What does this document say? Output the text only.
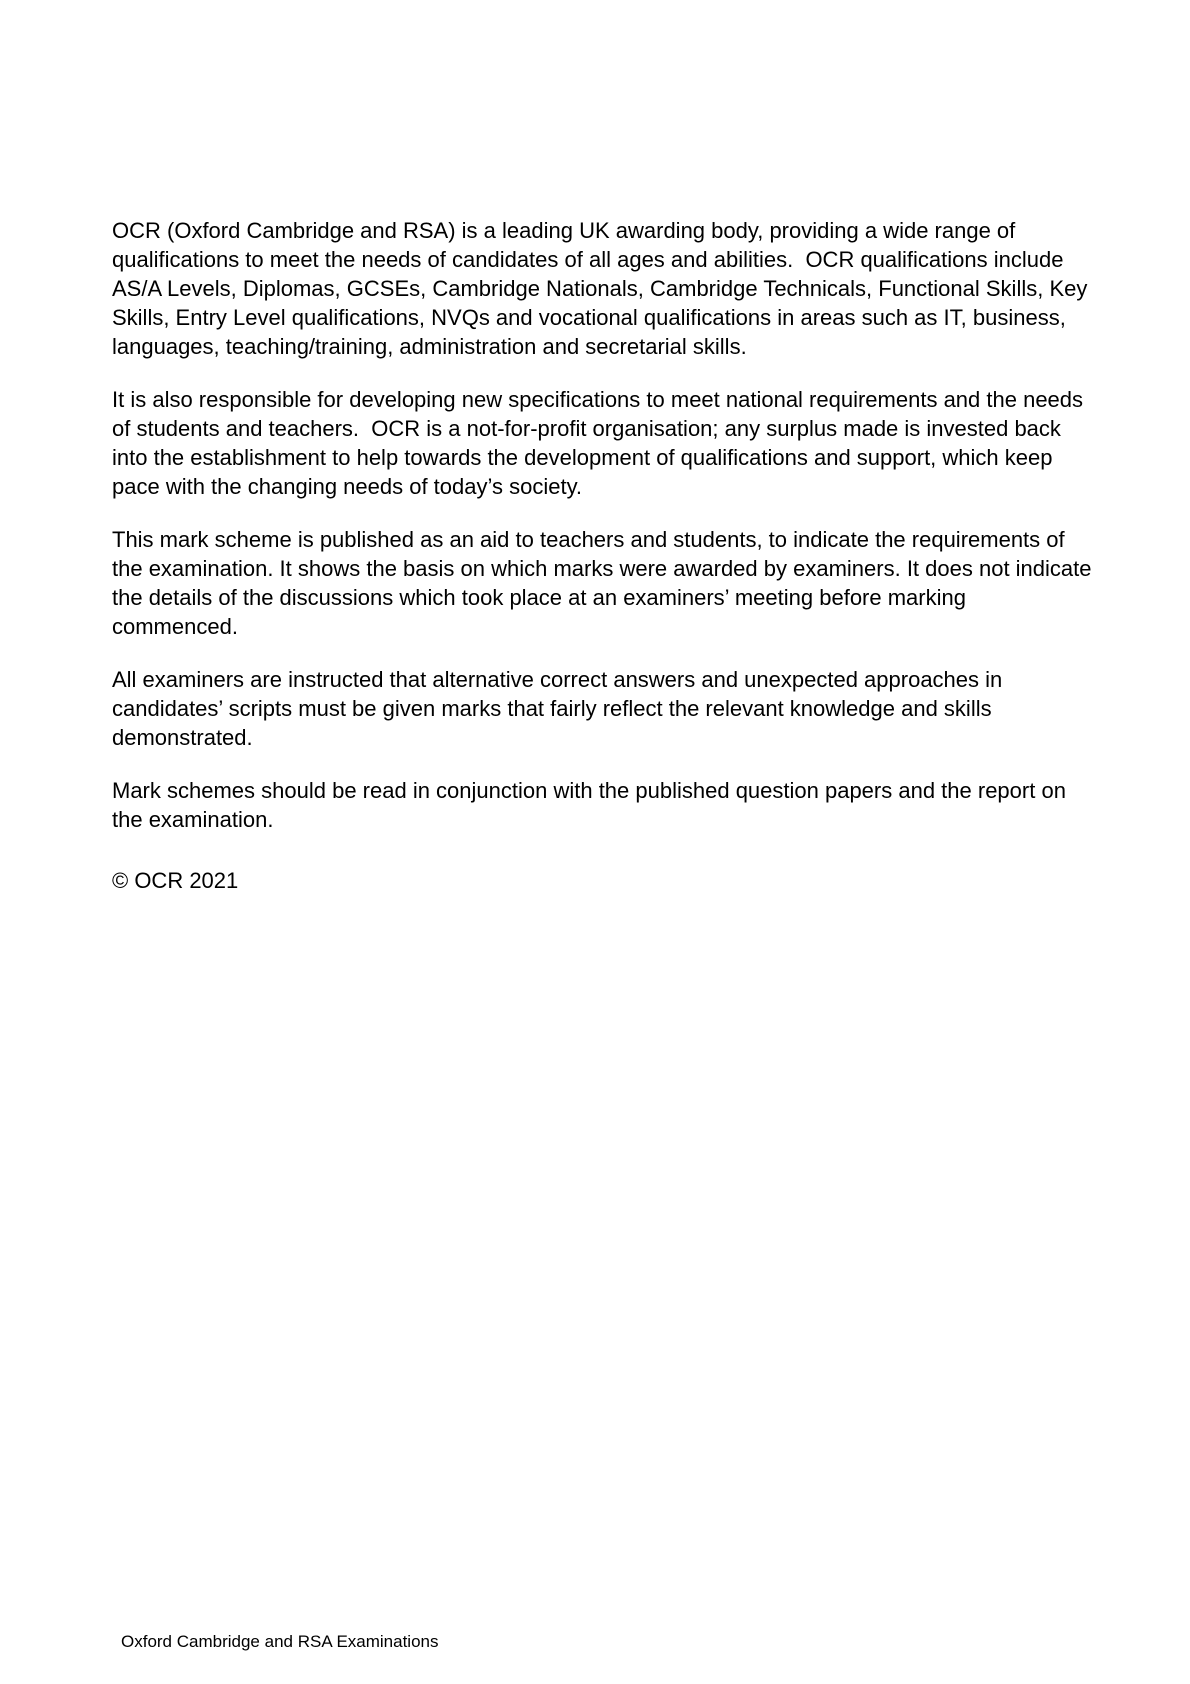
OCR (Oxford Cambridge and RSA) is a leading UK awarding body, providing a wide range of qualifications to meet the needs of candidates of all ages and abilities.  OCR qualifications include AS/A Levels, Diplomas, GCSEs, Cambridge Nationals, Cambridge Technicals, Functional Skills, Key Skills, Entry Level qualifications, NVQs and vocational qualifications in areas such as IT, business, languages, teaching/training, administration and secretarial skills.

It is also responsible for developing new specifications to meet national requirements and the needs of students and teachers.  OCR is a not-for-profit organisation; any surplus made is invested back into the establishment to help towards the development of qualifications and support, which keep pace with the changing needs of today’s society.

This mark scheme is published as an aid to teachers and students, to indicate the requirements of the examination. It shows the basis on which marks were awarded by examiners. It does not indicate the details of the discussions which took place at an examiners’ meeting before marking commenced.

All examiners are instructed that alternative correct answers and unexpected approaches in candidates’ scripts must be given marks that fairly reflect the relevant knowledge and skills demonstrated.

Mark schemes should be read in conjunction with the published question papers and the report on the examination.

© OCR 2021

Oxford Cambridge and RSA Examinations
